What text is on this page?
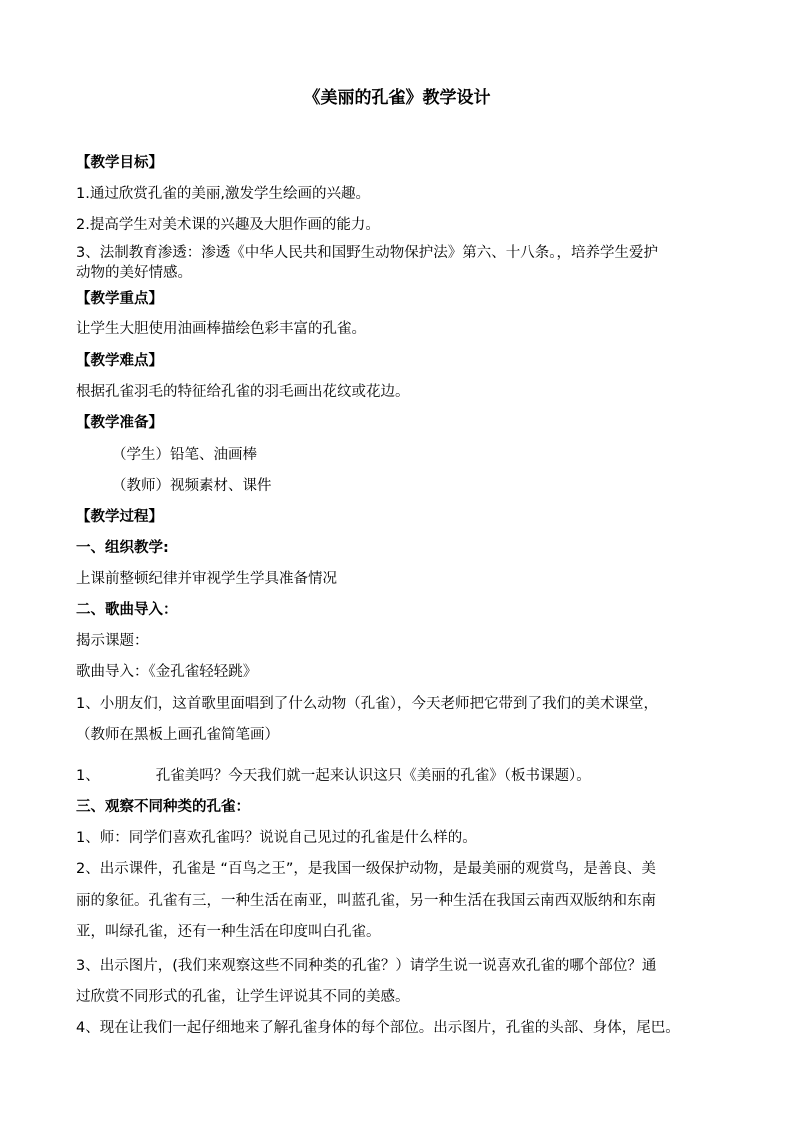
《美丽的孔雀》教学设计
【教学目标】
1.通过欣赏孔雀的美丽,激发学生绘画的兴趣。
2.提高学生对美术课的兴趣及大胆作画的能力。
3、法制教育渗透：渗透《中华人民共和国野生动物保护法》第六、十八条。，培养学生爱护
动物的美好情感。
【教学重点】
让学生大胆使用油画棒描绘色彩丰富的孔雀。
【教学难点】
根据孔雀羽毛的特征给孔雀的羽毛画出花纹或花边。
【教学准备】
（学生）铅笔、油画棒
（教师）视频素材、课件
【教学过程】
一、组织教学:
上课前整顿纪律并审视学生学具准备情况
二、歌曲导入：
揭示课题：
歌曲导入：《金孔雀轻轻跳》
1、小朋友们，这首歌里面唱到了什么动物（孔雀），今天老师把它带到了我们的美术课堂，
（教师在黑板上画孔雀简笔画）
1、	孔雀美吗？今天我们就一起来认识这只《美丽的孔雀》（板书课题）。
三、观察不同种类的孔雀：
1、师：同学们喜欢孔雀吗？说说自己见过的孔雀是什么样的。
2、出示课件，孔雀是 “百鸟之王”，是我国一级保护动物，是最美丽的观赏鸟，是善良、美
丽的象征。孔雀有三，一种生活在南亚，叫蓝孔雀，另一种生活在我国云南西双版纳和东南
亚，叫绿孔雀，还有一种生活在印度叫白孔雀。
3、出示图片，(我们来观察这些不同种类的孔雀？）请学生说一说喜欢孔雀的哪个部位？通
过欣赏不同形式的孔雀，让学生评说其不同的美感。
4、现在让我们一起仔细地来了解孔雀身体的每个部位。出示图片，孔雀的头部、身体，尾巴。
